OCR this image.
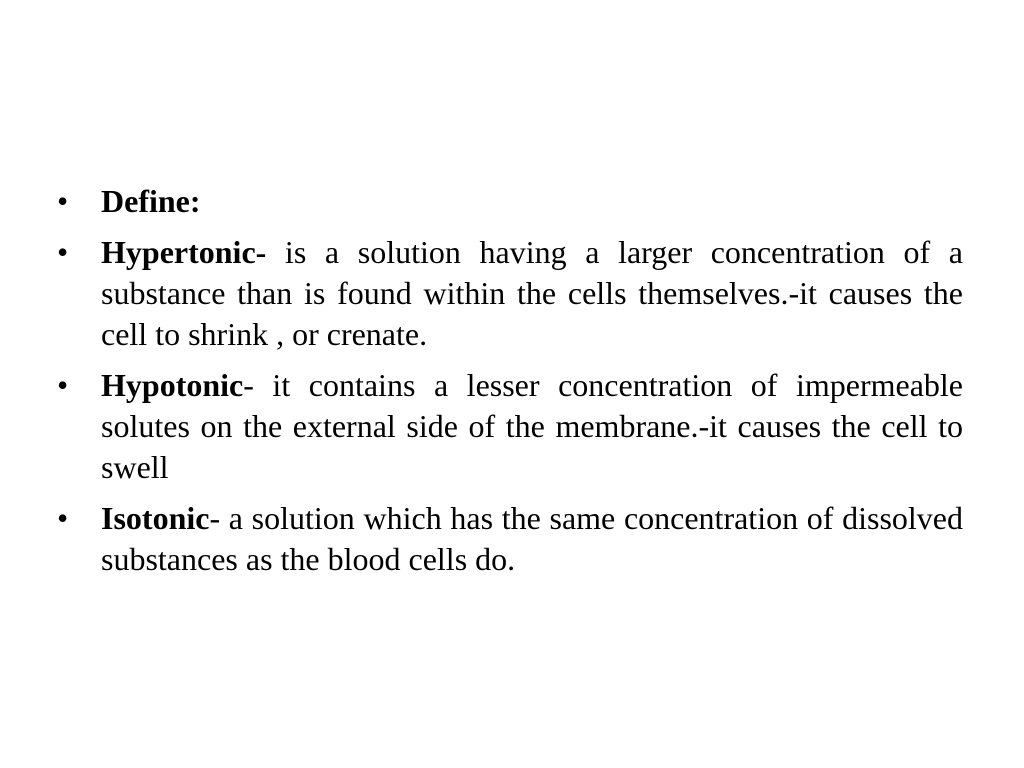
•	Define:
•	Hypertonic- is a solution having a larger concentration of a substance than is found within the cells themselves.-it causes the cell to shrink , or crenate.
•	Hypotonic- it contains a lesser concentration of impermeable solutes on the external side of the membrane.-it causes the cell to swell
•	Isotonic- a solution which has the same concentration of dissolved substances as the blood cells do.
